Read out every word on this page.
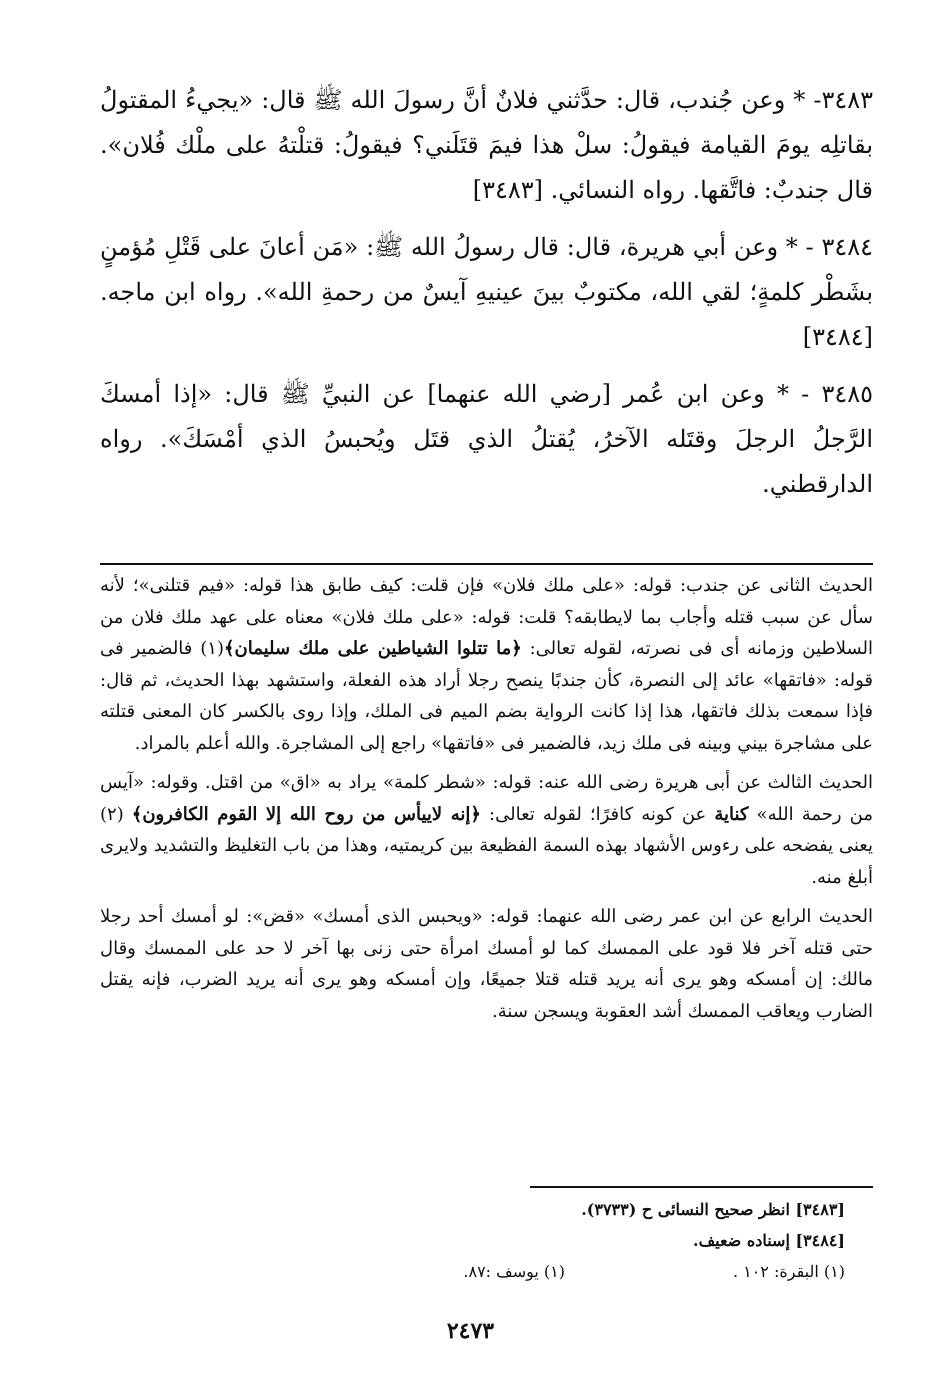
٣٤٨٣- * وعن جُندب، قال: حدَّثني فلانٌ أنَّ رسولَ الله ﷺ قال: «يجيءُ المقتولُ بقاتلِه يومَ القيامة فيقولُ: سلْ هذا فيمَ قتَلَني؟ فيقولُ: قتلْتهُ على ملْك فُلان». قال جندبٌ: فاتَّقها. رواه النسائي. [٣٤٨٣]

٣٤٨٤ - * وعن أبي هريرة، قال: قال رسولُ الله ﷺ: «مَن أعانَ على قَتْلِ مُؤمنٍ بشَطْر كلمةٍ؛ لقي الله، مكتوبٌ بينَ عينيهِ آيسٌ من رحمةِ الله». رواه ابن ماجه. [٣٤٨٤]

٣٤٨٥ - * وعن ابن عُمر [رضي الله عنهما] عن النبيِّ ﷺ قال: «إذا أمسكَ الرَّجلُ الرجلَ وقتَله الآخرُ، يُقتلُ الذي قتَل ويُحبسُ الذي أمْسَكَ». رواه الدارقطني.

الحديث الثانى عن جندب: قوله: «على ملك فلان» فإن قلت: كيف طابق هذا قوله: «فيم قتلنى»؛ لأنه سأل عن سبب قتله وأجاب بما لايطابقه؟ قلت: قوله: «على ملك فلان» معناه على عهد ملك فلان من السلاطين وزمانه أى فى نصرته، لقوله تعالى: ﴿ما تتلوا الشياطين على ملك سليمان﴾(١) فالضمير فى قوله: «فاتقها» عائد إلى النصرة، كأن جندبًا ينصح رجلا أراد هذه الفعلة، واستشهد بهذا الحديث، ثم قال: فإذا سمعت بذلك فاتقها، هذا إذا كانت الرواية بضم الميم فى الملك، وإذا روى بالكسر كان المعنى قتلته على مشاجرة بيني وبينه فى ملك زيد، فالضمير فى «فاتقها» راجع إلى المشاجرة. والله أعلم بالمراد.

الحديث الثالث عن أبى هريرة رضى الله عنه: قوله: «شطر كلمة» يراد به «اق» من اقتل. وقوله: «آيس من رحمة الله» كناية عن كونه كافرًا؛ لقوله تعالى: ﴿إنه لاييأس من روح الله إلا القوم الكافرون﴾ (٢) يعنى يفضحه على رءوس الأشهاد بهذه السمة الفظيعة بين كريمتيه، وهذا من باب التغليظ والتشديد ولايرى أبلغ منه.

الحديث الرابع عن ابن عمر رضى الله عنهما: قوله: «ويحبس الذى أمسك» «قض»: لو أمسك أحد رجلا حتى قتله آخر فلا قود على الممسك كما لو أمسك امرأة حتى زنى بها آخر لا حد على الممسك وقال مالك: إن أمسكه وهو يرى أنه يريد قتله قتلا جميعًا، وإن أمسكه وهو يرى أنه يريد الضرب، فإنه يقتل الضارب ويعاقب الممسك أشد العقوبة ويسجن سنة.

[٣٤٨٣] انظر صحيح النسائى ح (٣٧٣٣).

[٣٤٨٤] إسناده ضعيف.

(١) البقرة: ١٠٢ .
(١) يوسف :٨٧.
٢٤٧٣
